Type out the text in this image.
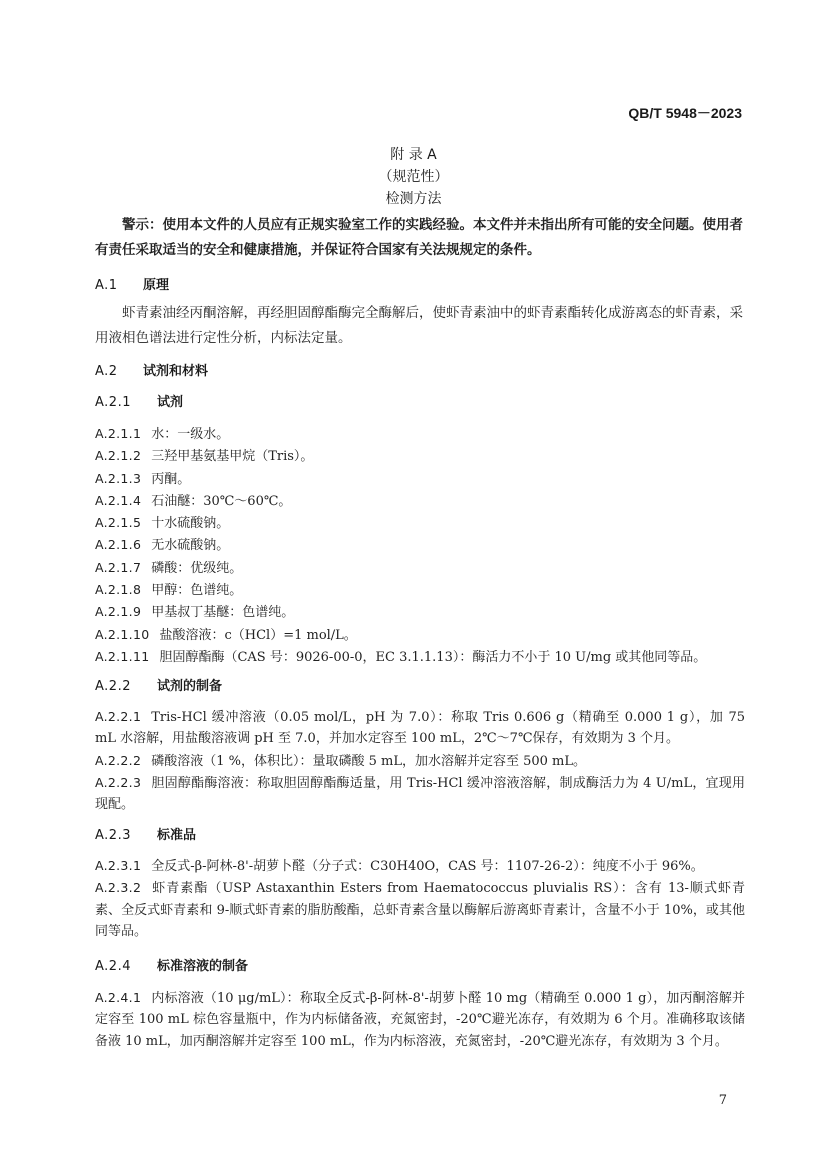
QB/T 5948－2023
附 录 A
（规范性）
检测方法
警示：使用本文件的人员应有正规实验室工作的实践经验。本文件并未指出所有可能的安全问题。使用者有责任采取适当的安全和健康措施，并保证符合国家有关法规规定的条件。
A.1 原理
虾青素油经丙酮溶解，再经胆固醇酯酶完全酶解后，使虾青素油中的虾青素酯转化成游离态的虾青素，采用液相色谱法进行定性分析，内标法定量。
A.2 试剂和材料
A.2.1 试剂
A.2.1.1 水：一级水。
A.2.1.2 三羟甲基氨基甲烷（Tris）。
A.2.1.3 丙酮。
A.2.1.4 石油醚：30℃～60℃。
A.2.1.5 十水硫酸钠。
A.2.1.6 无水硫酸钠。
A.2.1.7 磷酸：优级纯。
A.2.1.8 甲醇：色谱纯。
A.2.1.9 甲基叔丁基醚：色谱纯。
A.2.1.10 盐酸溶液：c（HCl）=1 mol/L。
A.2.1.11 胆固醇酯酶（CAS 号：9026-00-0，EC 3.1.1.13）：酶活力不小于 10 U/mg 或其他同等品。
A.2.2 试剂的制备
A.2.2.1 Tris-HCl 缓冲溶液（0.05 mol/L，pH 为 7.0）：称取 Tris 0.606 g（精确至 0.000 1 g），加 75 mL 水溶解，用盐酸溶液调 pH 至 7.0，并加水定容至 100 mL，2℃～7℃保存，有效期为 3 个月。
A.2.2.2 磷酸溶液（1 %，体积比）：量取磷酸 5 mL，加水溶解并定容至 500 mL。
A.2.2.3 胆固醇酯酶溶液：称取胆固醇酯酶适量，用 Tris-HCl 缓冲溶液溶解，制成酶活力为 4 U/mL，宜现用现配。
A.2.3 标准品
A.2.3.1 全反式-β-阿林-8'-胡萝卜醛（分子式：C30H40O，CAS 号：1107-26-2）：纯度不小于 96%。
A.2.3.2 虾青素酯（USP Astaxanthin Esters from Haematococcus pluvialis RS）：含有 13-顺式虾青素、全反式虾青素和 9-顺式虾青素的脂肪酸酯，总虾青素含量以酶解后游离虾青素计，含量不小于 10%，或其他同等品。
A.2.4 标准溶液的制备
A.2.4.1 内标溶液（10 μg/mL）：称取全反式-β-阿林-8'-胡萝卜醛 10 mg（精确至 0.000 1 g），加丙酮溶解并定容至 100 mL 棕色容量瓶中，作为内标储备液，充氮密封，-20℃避光冻存，有效期为 6 个月。准确移取该储备液 10 mL，加丙酮溶解并定容至 100 mL，作为内标溶液，充氮密封，-20℃避光冻存，有效期为 3 个月。
7
